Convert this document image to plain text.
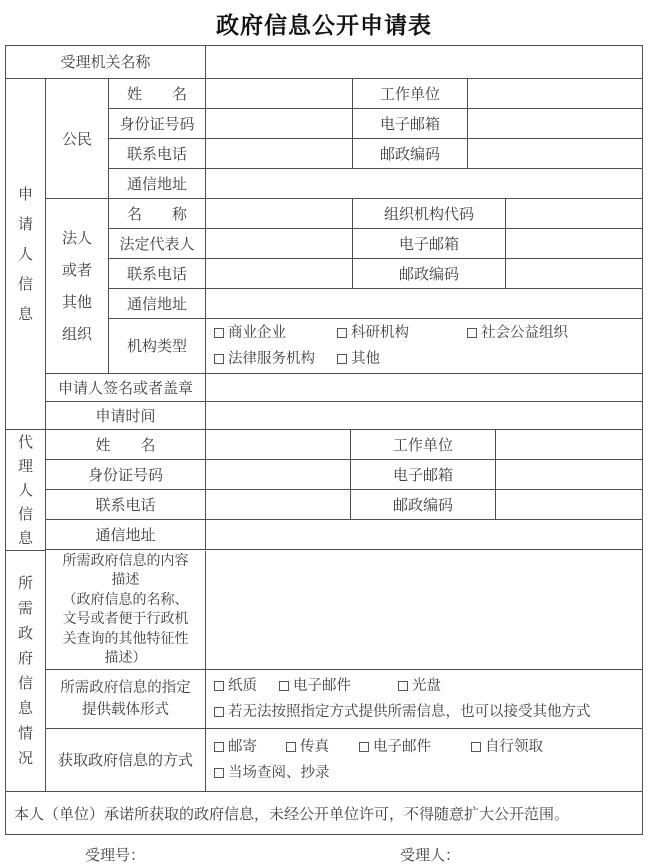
政府信息公开申请表
受理机关名称
申请人信息
公民
姓　　名	工作单位
身份证号码	电子邮箱
联系电话	邮政编码
通信地址
法人或者其他组织
名　　称	组织机构代码
法定代表人	电子邮箱
联系电话	邮政编码
通信地址
机构类型
商业企业	科研机构	社会公益组织
法律服务机构 其他
申请人签名或者盖章
申请时间
代理人信息
姓　　名	工作单位
身份证号码	电子邮箱
联系电话	邮政编码
通信地址
所需政府信息情况
所需政府信息的内容
描述
（政府信息的名称、
文号或者便于行政机
关查询的其他特征性
描述）
所需政府信息的指定
提供载体形式
纸质 电子邮件	光盘
若无法按照指定方式提供所需信息，也可以接受其他方式
获取政府信息的方式
邮寄	传真	电子邮件	自行领取
当场查阅、抄录
本人（单位）承诺所获取的政府信息，未经公开单位许可，不得随意扩大公开范围。
受理号：	受理人：
